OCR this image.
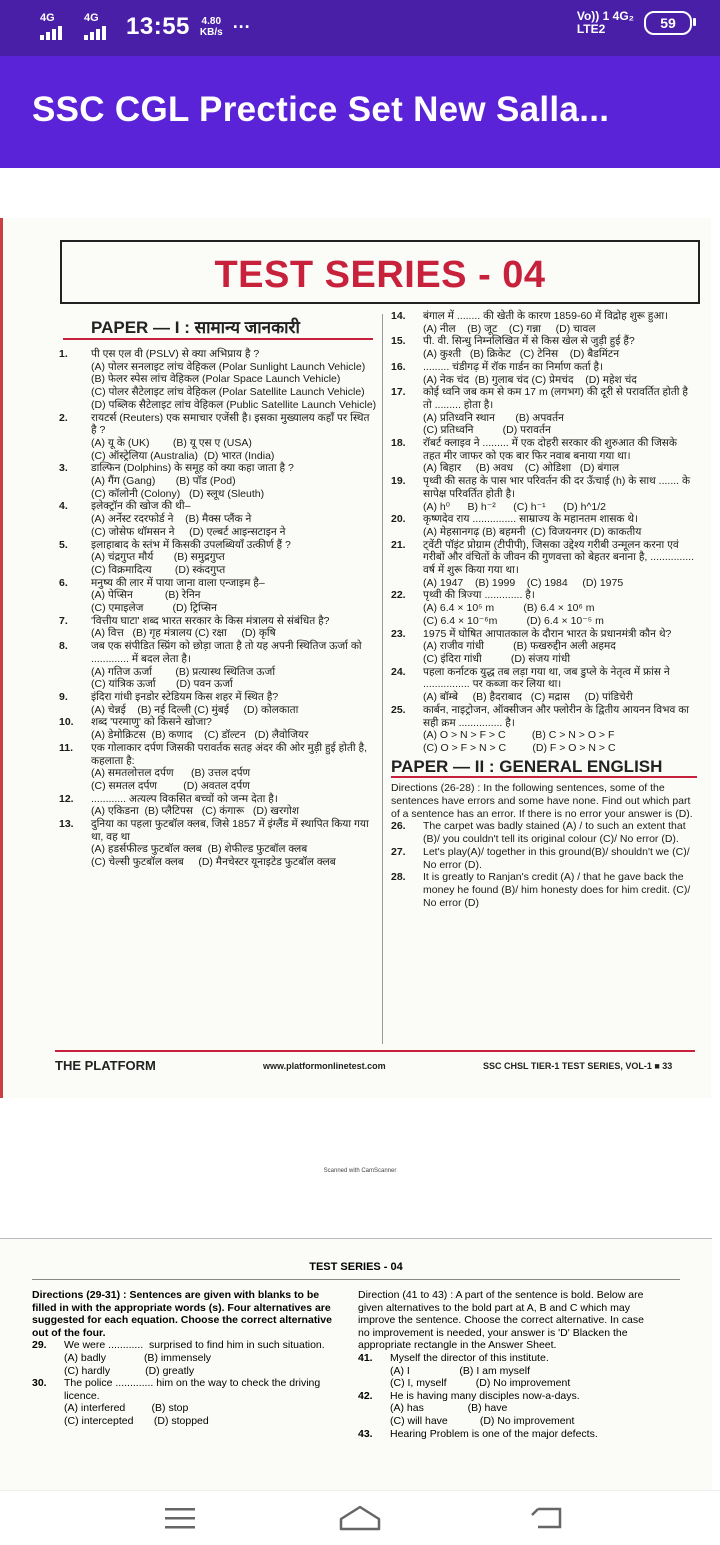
4G	4G 13:55 4.80
KB/s ···
Vo)) 1 4G₂
LTE2	59
SSC CGL Prectice Set New Salla...
TEST SERIES - 04
PAPER — I : सामान्य जानकारी
1.	पी एस एल वी (PSLV) से क्या अभिप्राय है ?
(A) पोलर सनलाइट लांच वेहिकल (Polar Sunlight Launch Vehicle)
(B) फेलर स्पेस लांच वेहिकल (Polar Space Launch Vehicle)
(C) पोलर सैटेलाइट लांच वेहिकल (Polar Satellite Launch Vehicle)
(D) पब्लिक सैटेलाइट लांच वेहिकल (Public Satellite Launch Vehicle)
2.	रायटर्स (Reuters) एक समाचार एजेंसी है। इसका मुख्यालय कहाँ पर स्थित है ?
(A) यू के (UK)        (B) यू एस ए (USA)
(C) ऑस्ट्रेलिया (Australia)  (D) भारत (India)
3.	डाल्फिन (Dolphins) के समूह को क्या कहा जाता है ?
(A) गैंग (Gang)       (B) पॉड (Pod)
(C) कॉलोनी (Colony)   (D) स्लूथ (Sleuth)
4.	इलेक्ट्रॉन की खोज की थी–
(A) अर्नेस्ट रदरफोर्ड ने    (B) मैक्स प्लैंक ने
(C) जोसेफ थॉमसन ने     (D) एल्बर्ट आइन्सटाइन ने
5.	इलाहाबाद के स्तंभ में किसकी उपलब्धियाँ उत्कीर्ण हैं ?
(A) चंद्रगुप्त मौर्य       (B) समुद्रगुप्त
(C) विक्रमादित्य        (D) स्कंदगुप्त
6.	मनुष्य की लार में पाया जाना वाला एन्जाइम है–
(A) पेप्सिन           (B) रेनिन
(C) एमाइलेज          (D) ट्रिप्सिन
7.	'वित्तीय घाटा' शब्द भारत सरकार के किस मंत्रालय से संबंधित है?
(A) वित्त   (B) गृह मंत्रालय (C) रक्षा     (D) कृषि
8.	जब एक संपीडित स्प्रिंग को छोड़ा जाता है तो यह अपनी स्थितिज ऊर्जा को ............. में बदल लेता है।
(A) गतिज ऊर्जा        (B) प्रत्यास्थ स्थितिज ऊर्जा
(C) यांत्रिक ऊर्जा       (D) पवन ऊर्जा
9.	इंदिरा गांधी इनडोर स्टेडियम किस शहर में स्थित है?
(A) चेन्नई    (B) नई दिल्ली (C) मुंबई     (D) कोलकाता
10.	शब्द 'परमाणु' को किसने खोजा?
(A) डेमोक्रिटस  (B) कणाद    (C) डॉल्टन   (D) लैवोजियर
11.	एक गोलाकार दर्पण जिसकी परावर्तक सतह अंदर की ओर मुड़ी हुई होती है, कहलाता है:
(A) समतलोत्तल दर्पण      (B) उत्तल दर्पण
(C) समतल दर्पण         (D) अवतल दर्पण
12.	............ अत्यल्प विकसित बच्चों को जन्म देता है।
(A) एकिडना  (B) प्लैटिपस   (C) कंगारू   (D) खरगोश
13.	दुनिया का पहला फुटबॉल क्लब, जिसे 1857 में इंग्लैंड में स्थापित किया गया था, वह था
(A) हडर्सफील्ड फुटबॉल क्लब  (B) शेफील्ड फुटबॉल क्लब
(C) चेल्सी फुटबॉल क्लब     (D) मैनचेस्टर यूनाइटेड फुटबॉल क्लब
14.	बंगाल में ........ की खेती के कारण 1859-60 में विद्रोह शुरू हुआ।
(A) नील    (B) जूट    (C) गन्ना     (D) चावल
15.	पी. वी. सिन्धु निम्नलिखित में से किस खेल से जुड़ी हुई हैं?
(A) कुश्ती   (B) क्रिकेट   (C) टेनिस    (D) बैडमिंटन
16.	......... चंडीगढ़ में रॉक गार्डन का निर्माण कर्ता है।
(A) नेक चंद  (B) गुलाब चंद (C) प्रेमचंद    (D) महेश चंद
17.	कोई ध्वनि जब कम से कम 17 m (लगभग) की दूरी से परावर्तित होती है तो ......... होता है।
(A) प्रतिध्वनि स्थान       (B) अपवर्तन
(C) प्रतिध्वनि          (D) परावर्तन
18.	रॉबर्ट क्लाइव ने ......... में एक दोहरी सरकार की शुरुआत की जिसके तहत मीर जाफर को एक बार फिर नवाब बनाया गया था।
(A) बिहार     (B) अवध    (C) ओडिशा   (D) बंगाल
19.	पृथ्वी की सतह के पास भार परिवर्तन की दर ऊँचाई (h) के साथ ....... के सापेक्ष परिवर्तित होती है।
(A) h⁰      B) h⁻²      (C) h⁻¹      (D) h^1/2
20.	कृष्णदेव राय ............... साम्राज्य के महानतम शासक थे।
(A) मेहसानगढ़ (B) बहमनी  (C) विजयनगर (D) काकतीय
21.	ट्वेंटी पॉइंट प्रोग्राम (टीपीपी), जिसका उद्देश्य गरीबी उन्मूलन करना एवं गरीबों और वंचितों के जीवन की गुणवत्ता को बेहतर बनाना है, ............... वर्ष में शुरू किया गया था।
(A) 1947    (B) 1999    (C) 1984     (D) 1975
22.	पृथ्वी की त्रिज्या ............. है।
(A) 6.4 × 10⁵ m          (B) 6.4 × 10⁶ m
(C) 6.4 × 10⁻⁶m          (D) 6.4 × 10⁻⁵ m
23.	1975 में घोषित आपातकाल के दौरान भारत के प्रधानमंत्री कौन थे?
(A) राजीव गांधी          (B) फखरुद्दीन अली अहमद
(C) इंदिरा गांधी          (D) संजय गांधी
24.	पहला कर्नाटक युद्ध तब लड़ा गया था, जब डुप्ले के नेतृत्व में फ्रांस ने ................ पर कब्जा कर लिया था।
(A) बॉम्बे     (B) हैदराबाद   (C) मद्रास     (D) पांडिचेरी
25.	कार्बन, नाइट्रोजन, ऑक्सीजन और फ्लोरीन के द्वितीय आयनन विभव का सही क्रम ............... है।
(A) O > N > F > C         (B) C > N > O > F
(C) O > F > N > C         (D) F > O > N > C
PAPER — II : GENERAL ENGLISH
Directions (26-28) : In the following sentences, some of the sentences have errors and some have none. Find out which part of a sentence has an error. If there is no error your answer is (D).
26.	The carpet was badly stained (A) / to such an extent that (B)/ you couldn't tell its original colour (C)/ No error (D).
27.	Let's play(A)/ together in this ground(B)/ shouldn't we (C)/ No error (D).
28.	It is greatly to Ranjan's credit (A) / that he gave back the money he found (B)/ him honesty does for him credit. (C)/ No error (D)
THE PLATFORM	www.platformonlinetest.com	SSC CHSL TIER-1 TEST SERIES, VOL-1 ■ 33
Scanned with CamScanner
TEST SERIES - 04
Directions (29-31) : Sentences are given with blanks to be filled in with the appropriate words (s). Four alternatives are suggested for each equation. Choose the correct alternative out of the four.
29.	We were ............  surprised to find him in such situation.
(A) badly             (B) immensely
(C) hardly            (D) greatly
30.	The police ............. him on the way to check the driving licence.
(A) interfered         (B) stop
(C) intercepted       (D) stopped
Direction (41 to 43) : A part of the sentence is bold. Below are given alternatives to the bold part at A, B and C which may improve the sentence. Choose the correct alternative. In case no improvement is needed, your answer is 'D' Blacken the appropriate rectangle in the Answer Sheet.
41.	Myself the director of this institute.
(A) I                 (B) I am myself
(C) I, myself          (D) No improvement
42.	He is having many disciples now-a-days.
(A) has               (B) have
(C) will have           (D) No improvement
43.	Hearing Problem is one of the major defects.
